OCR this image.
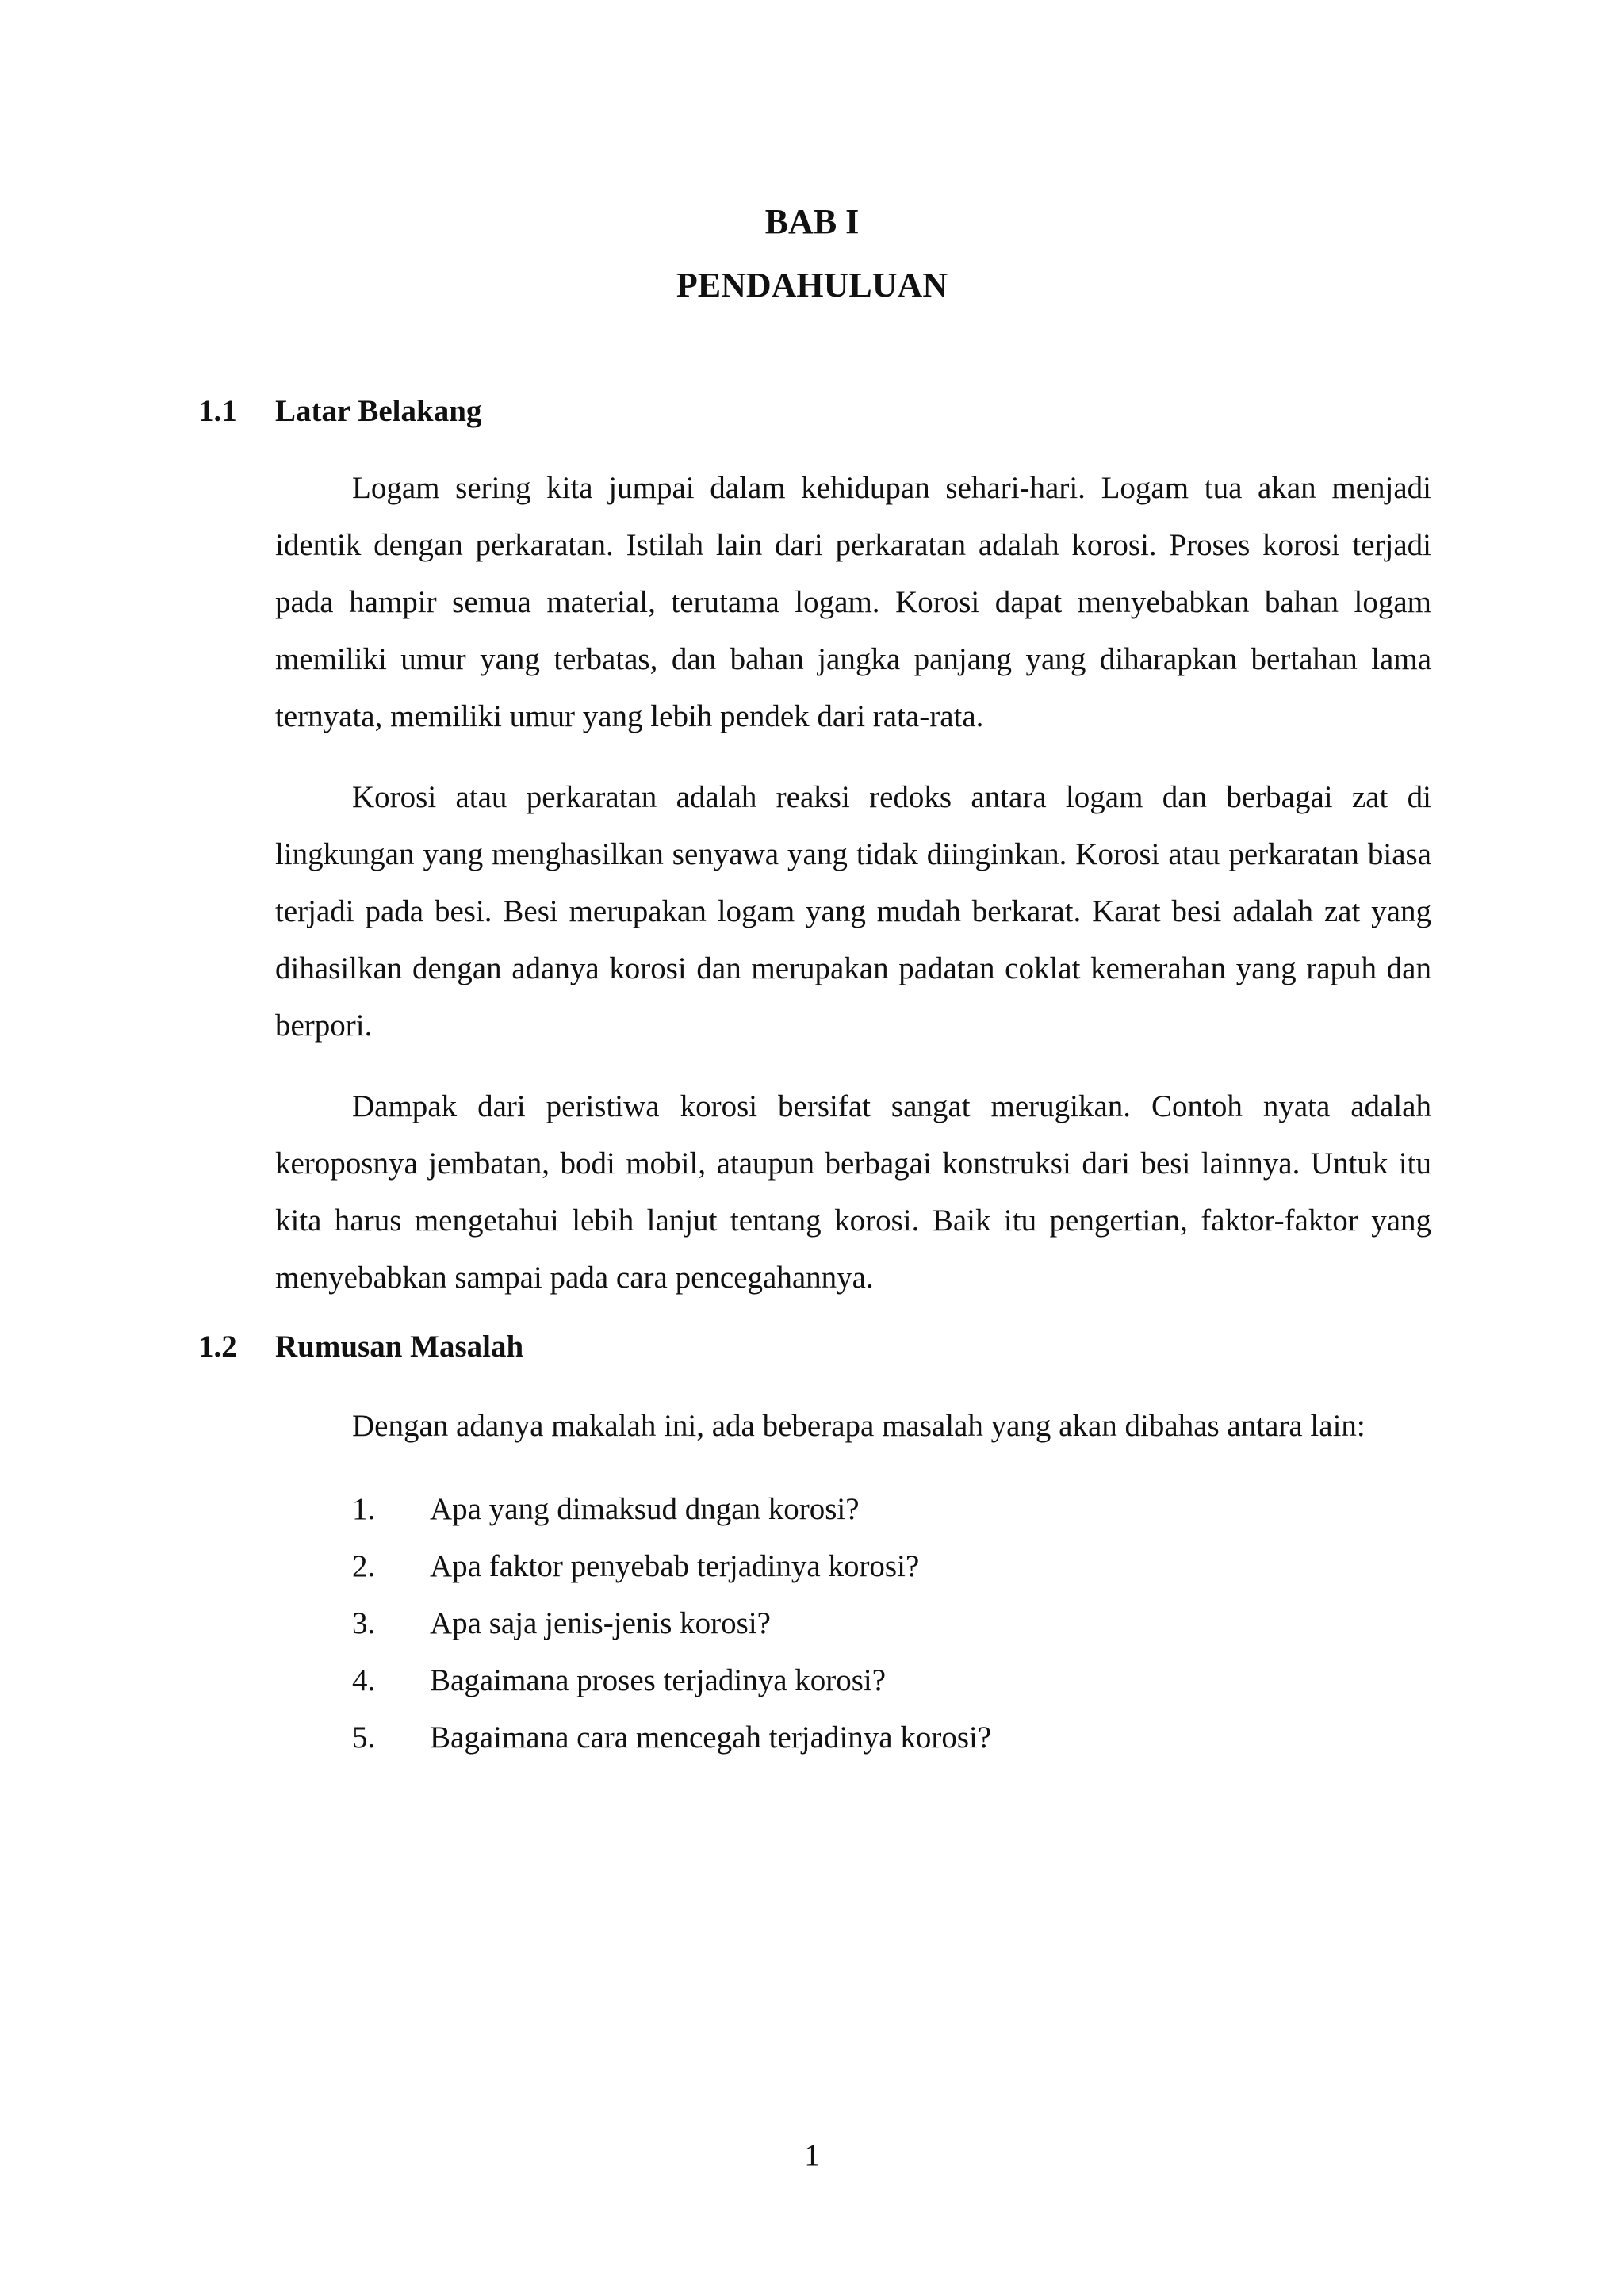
BAB I
PENDAHULUAN
1.1 Latar Belakang

Logam sering kita jumpai dalam kehidupan sehari-hari. Logam tua akan menjadi identik dengan perkaratan. Istilah lain dari perkaratan adalah korosi. Proses korosi terjadi pada hampir semua material, terutama logam. Korosi dapat menyebabkan bahan logam memiliki umur yang terbatas, dan bahan jangka panjang yang diharapkan bertahan lama ternyata, memiliki umur yang lebih pendek dari rata-rata.

Korosi atau perkaratan adalah reaksi redoks antara logam dan berbagai zat di lingkungan yang menghasilkan senyawa yang tidak diinginkan. Korosi atau perkaratan biasa terjadi pada besi. Besi merupakan logam yang mudah berkarat. Karat besi adalah zat yang dihasilkan dengan adanya korosi dan merupakan padatan coklat kemerahan yang rapuh dan berpori.

Dampak dari peristiwa korosi bersifat sangat merugikan. Contoh nyata adalah keroposnya jembatan, bodi mobil, ataupun berbagai konstruksi dari besi lainnya. Untuk itu kita harus mengetahui lebih lanjut tentang korosi. Baik itu pengertian, faktor-faktor yang menyebabkan sampai pada cara pencegahannya.

1.2 Rumusan Masalah

Dengan adanya makalah ini, ada beberapa masalah yang akan dibahas antara lain:

1. Apa yang dimaksud dngan korosi?
2. Apa faktor penyebab terjadinya korosi?
3. Apa saja jenis-jenis korosi?
4. Bagaimana proses terjadinya korosi?
5. Bagaimana cara mencegah terjadinya korosi?

1
